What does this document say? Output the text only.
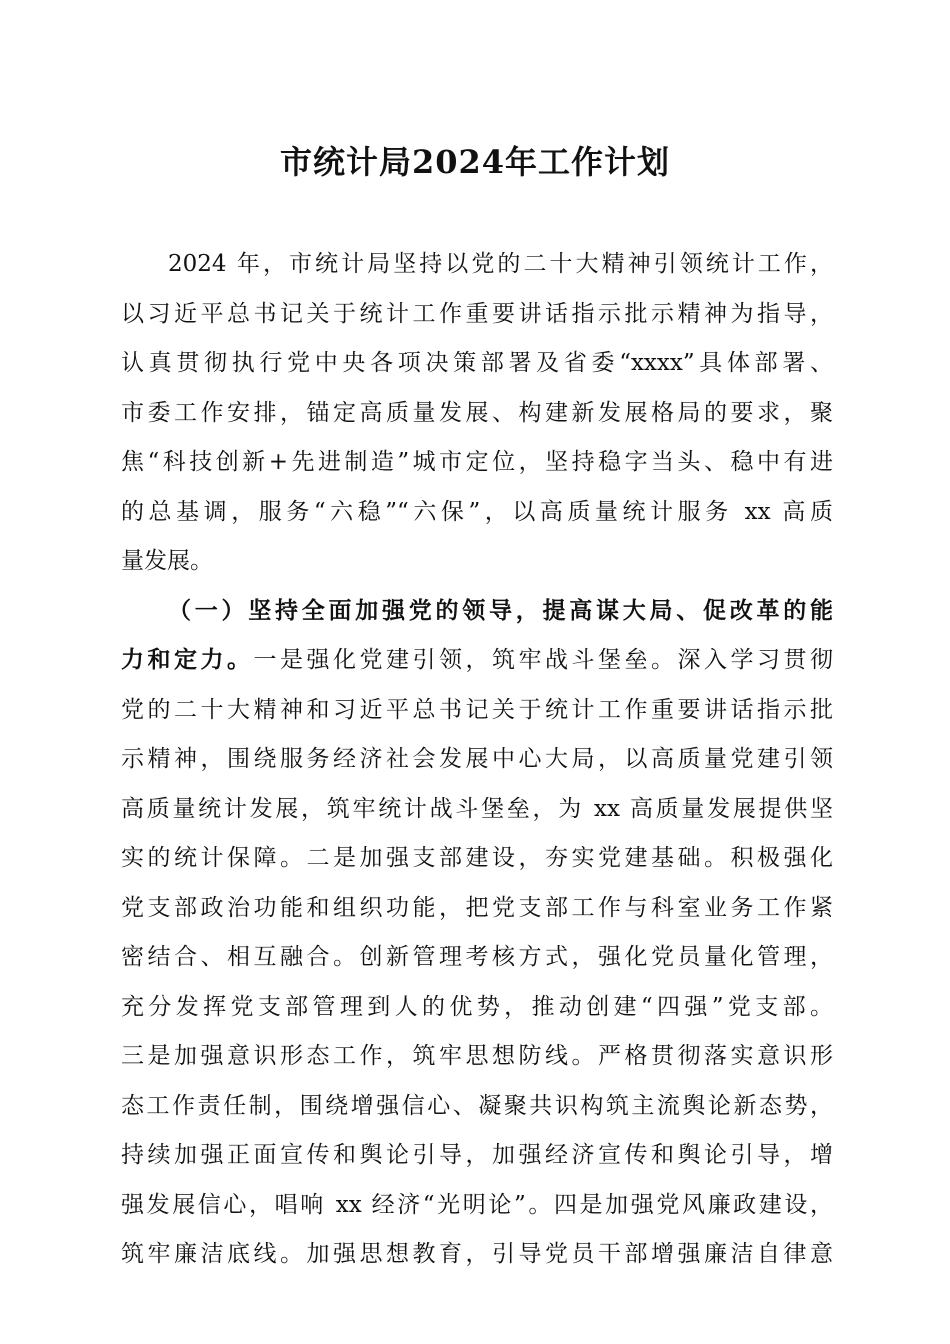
市统计局2024年工作计划

2024 年，市统计局坚持以党的二十大精神引领统计工作，

以习近平总书记关于统计工作重要讲话指示批示精神为指导，

认真贯彻执行党中央各项决策部署及省委“xxxx”具体部署、

市委工作安排，锚定高质量发展、构建新发展格局的要求，聚

焦“科技创新+先进制造”城市定位，坚持稳字当头、稳中有进

的总基调，服务“六稳”“六保”，以高质量统计服务 xx 高质

量发展。

（一）坚持全面加强党的领导，提高谋大局、促改革的能

力和定力。一是强化党建引领，筑牢战斗堡垒。深入学习贯彻

党的二十大精神和习近平总书记关于统计工作重要讲话指示批

示精神，围绕服务经济社会发展中心大局，以高质量党建引领

高质量统计发展，筑牢统计战斗堡垒，为 xx 高质量发展提供坚

实的统计保障。二是加强支部建设，夯实党建基础。积极强化

党支部政治功能和组织功能，把党支部工作与科室业务工作紧

密结合、相互融合。创新管理考核方式，强化党员量化管理，

充分发挥党支部管理到人的优势，推动创建“四强”党支部。

三是加强意识形态工作，筑牢思想防线。严格贯彻落实意识形

态工作责任制，围绕增强信心、凝聚共识构筑主流舆论新态势，

持续加强正面宣传和舆论引导，加强经济宣传和舆论引导，增

强发展信心，唱响 xx 经济“光明论”。四是加强党风廉政建设，

筑牢廉洁底线。加强思想教育，引导党员干部增强廉洁自律意
